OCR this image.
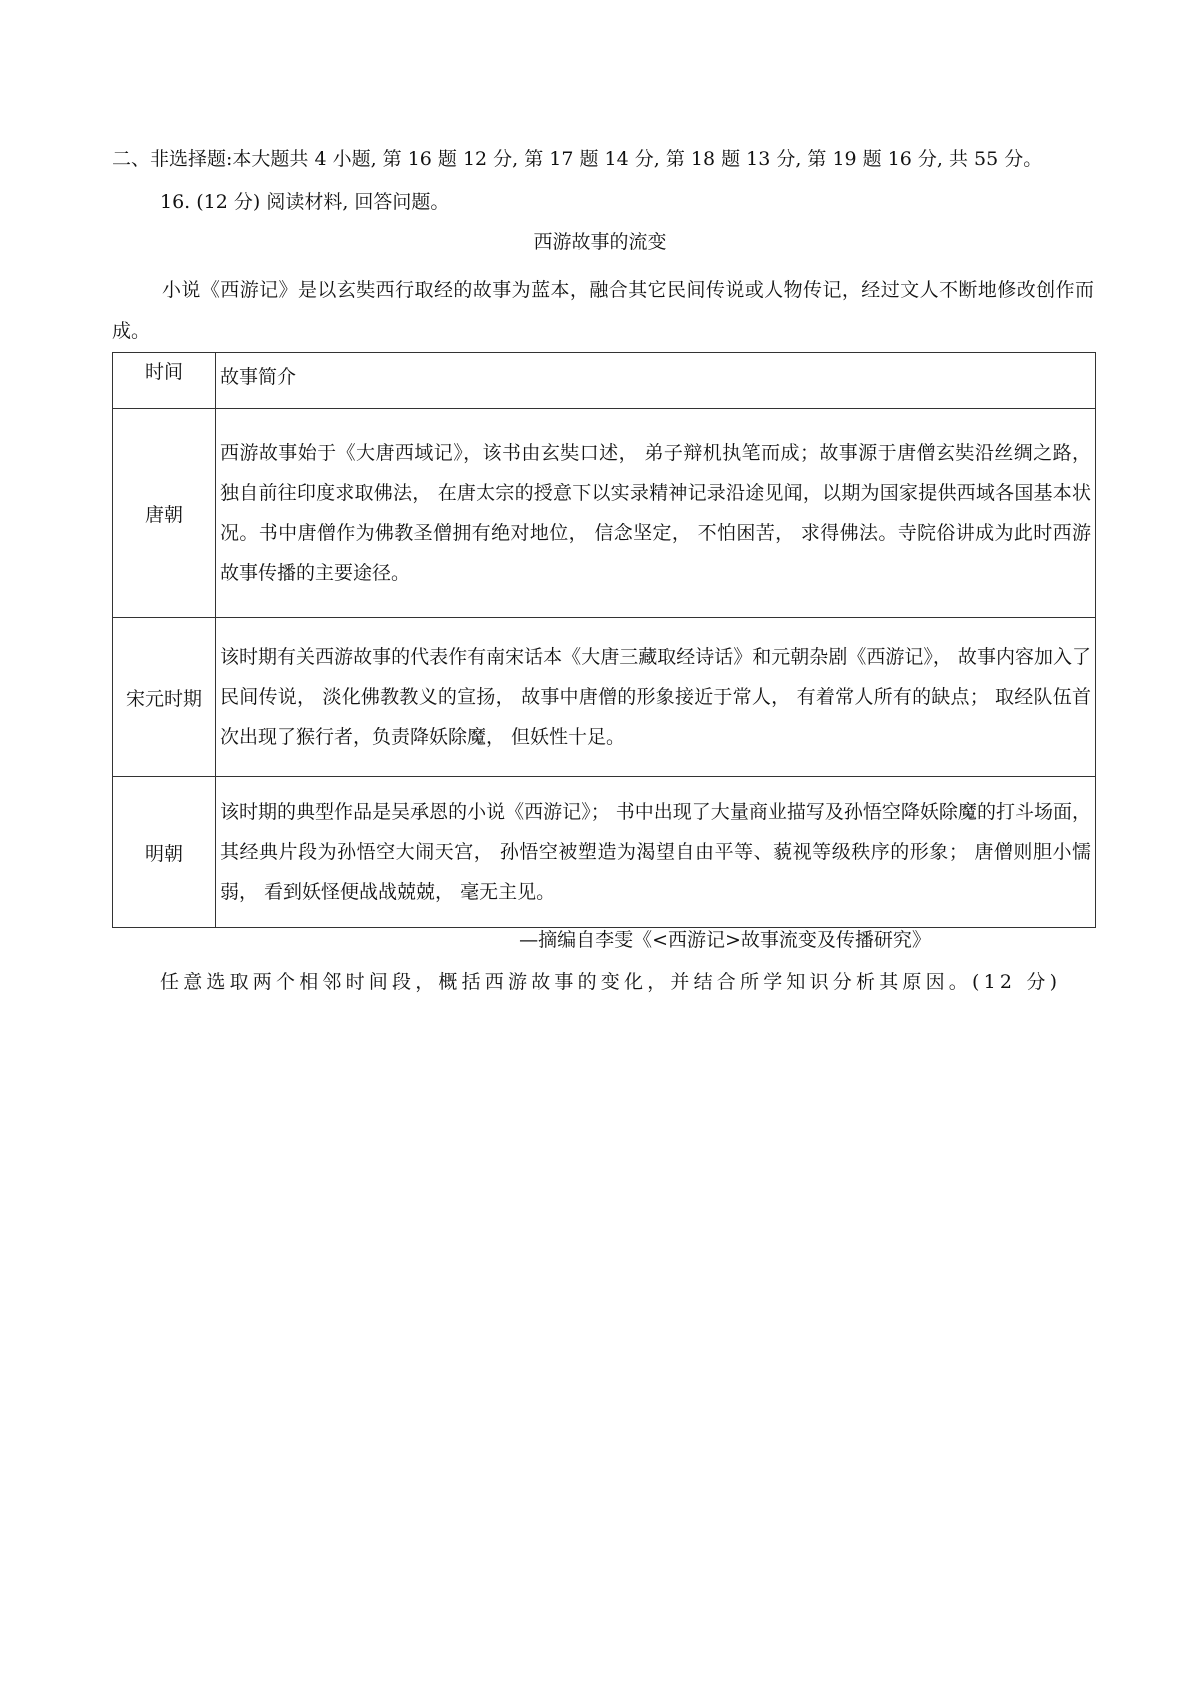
二、非选择题:本大题共 4 小题, 第 16 题 12 分, 第 17 题 14 分, 第 18 题 13 分, 第 19 题 16 分, 共 55 分。
16. (12 分) 阅读材料, 回答问题。
西游故事的流变
小说《西游记》是以玄奘西行取经的故事为蓝本，融合其它民间传说或人物传记，经过文人不断地修改创作而成。
时间	故事简介

唐朝	西游故事始于《大唐西域记》，该书由玄奘口述， 弟子辩机执笔而成；故事源于唐僧玄奘沿丝绸之路， 独自前往印度求取佛法， 在唐太宗的授意下以实录精神记录沿途见闻，以期为国家提供西域各国基本状况。书中唐僧作为佛教圣僧拥有绝对地位， 信念坚定， 不怕困苦， 求得佛法。寺院俗讲成为此时西游故事传播的主要途径。

宋元时期	该时期有关西游故事的代表作有南宋话本《大唐三藏取经诗话》和元朝杂剧《西游记》， 故事内容加入了民间传说， 淡化佛教教义的宣扬， 故事中唐僧的形象接近于常人， 有着常人所有的缺点； 取经队伍首次出现了猴行者，负责降妖除魔， 但妖性十足。

明朝	该时期的典型作品是吴承恩的小说《西游记》； 书中出现了大量商业描写及孙悟空降妖除魔的打斗场面， 其经典片段为孙悟空大闹天宫， 孙悟空被塑造为渴望自由平等、藐视等级秩序的形象； 唐僧则胆小懦弱， 看到妖怪便战战兢兢， 毫无主见。
—摘编自李雯《<西游记>故事流变及传播研究》
任意选取两个相邻时间段，概括西游故事的变化，并结合所学知识分析其原因。(12 分)
